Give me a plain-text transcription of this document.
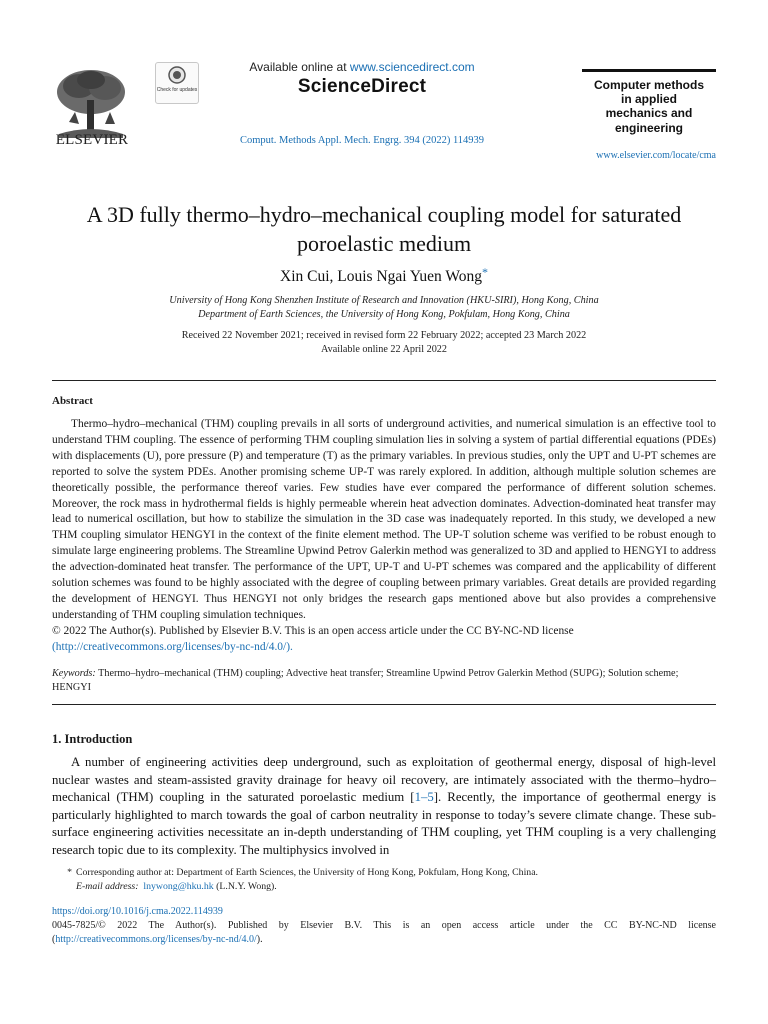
ELSEVIER
Check for updates
Available online at www.sciencedirect.com
ScienceDirect
Comput. Methods Appl. Mech. Engrg. 394 (2022) 114939
Computer methods
in applied
mechanics and
engineering
www.elsevier.com/locate/cma
A 3D fully thermo–hydro–mechanical coupling model for saturated
poroelastic medium
Xin Cui, Louis Ngai Yuen Wong*
University of Hong Kong Shenzhen Institute of Research and Innovation (HKU-SIRI), Hong Kong, China
Department of Earth Sciences, the University of Hong Kong, Pokfulam, Hong Kong, China
Received 22 November 2021; received in revised form 22 February 2022; accepted 23 March 2022
Available online 22 April 2022
Abstract

Thermo–hydro–mechanical (THM) coupling prevails in all sorts of underground activities, and numerical simulation is an effective tool to understand THM coupling. The essence of performing THM coupling simulation lies in solving a system of partial differential equations (PDEs) with displacements (U), pore pressure (P) and temperature (T) as the primary variables. In previous studies, only the UPT and U-PT schemes are reported to solve the system PDEs. Another promising scheme UP-T was rarely explored. In addition, although multiple solution schemes are theoretically possible, the performance thereof varies. Few studies have ever compared the performance of different solution schemes. Moreover, the rock mass in hydrothermal fields is highly permeable wherein heat advection dominates. Advection-dominated heat transfer may lead to numerical oscillation, but how to stabilize the simulation in the 3D case was inadequately reported. In this study, we developed a new THM coupling simulator HENGYI in the context of the finite element method. The UP-T solution scheme was verified to be robust enough to simulate large engineering problems. The Streamline Upwind Petrov Galerkin method was generalized to 3D and applied to HENGYI to address the advection-dominated heat transfer. The performance of the UPT, UP-T and U-PT schemes was compared and the applicability of different solution schemes was found to be highly associated with the degree of coupling between primary variables. Great details are provided regarding the development of HENGYI. Thus HENGYI not only bridges the research gaps mentioned above but also provides a comprehensive understanding of THM coupling simulation techniques.

© 2022 The Author(s). Published by Elsevier B.V. This is an open access article under the CC BY-NC-ND license
(http://creativecommons.org/licenses/by-nc-nd/4.0/).
Keywords: Thermo–hydro–mechanical (THM) coupling; Advective heat transfer; Streamline Upwind Petrov Galerkin Method (SUPG); Solution scheme; HENGYI
1. Introduction

A number of engineering activities deep underground, such as exploitation of geothermal energy, disposal of high-level nuclear wastes and steam-assisted gravity drainage for heavy oil recovery, are intimately associated with the thermo–hydro–mechanical (THM) coupling in the saturated poroelastic medium [1–5]. Recently, the importance of geothermal energy is particularly highlighted to march towards the goal of carbon neutrality in response to today’s severe climate change. These sub-surface engineering activities necessitate an in-depth understanding of THM coupling, yet THM coupling is a very challenging research topic due to its complexity. The multiphysics involved in

* Corresponding author at: Department of Earth Sciences, the University of Hong Kong, Pokfulam, Hong Kong, China.
E-mail address: lnywong@hku.hk (L.N.Y. Wong).
https://doi.org/10.1016/j.cma.2022.114939
0045-7825/© 2022 The Author(s). Published by Elsevier B.V. This is an open access article under the CC BY-NC-ND license (http://creativecommons.org/licenses/by-nc-nd/4.0/).
